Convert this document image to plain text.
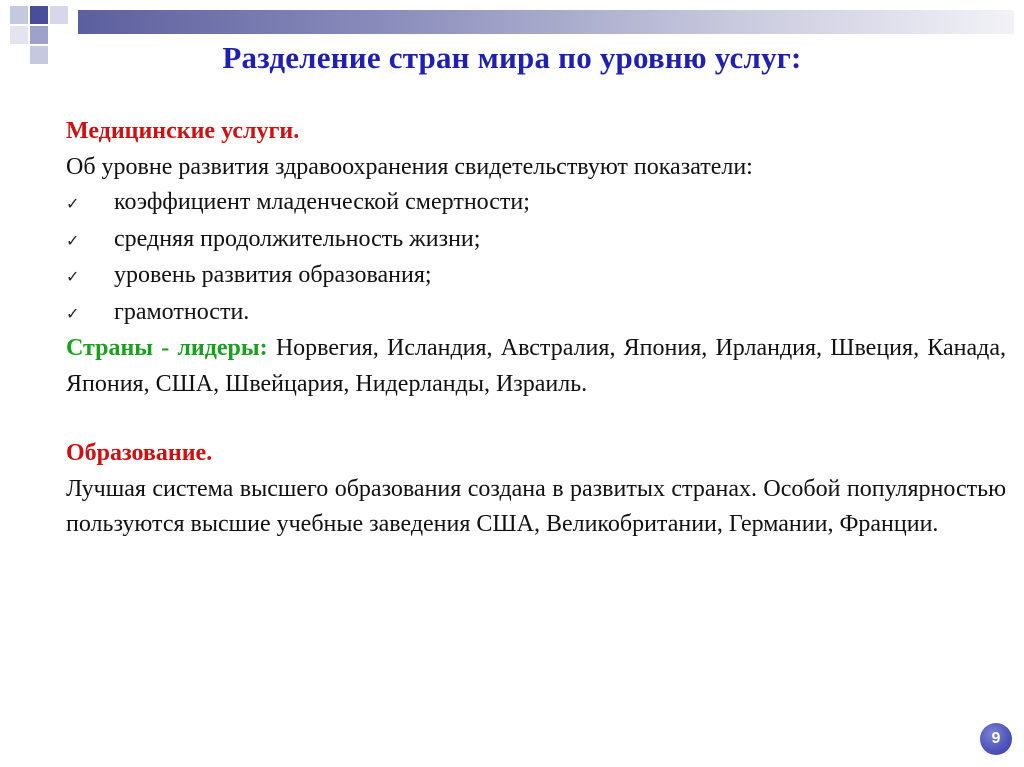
Разделение стран мира по уровню услуг:
Медицинские услуги.
Об уровне развития здравоохранения свидетельствуют показатели:
✓	коэффициент младенческой смертности;
✓	средняя продолжительность жизни;
✓	уровень развития образования;
✓	грамотности.
Страны - лидеры: Норвегия, Исландия, Австралия, Япония, Ирландия, Швеция, Канада, Япония, США, Швейцария, Нидерланды, Израиль.
Образование.
Лучшая система высшего образования создана в развитых странах. Особой популярностью пользуются высшие учебные заведения США, Великобритании, Германии, Франции.
9
